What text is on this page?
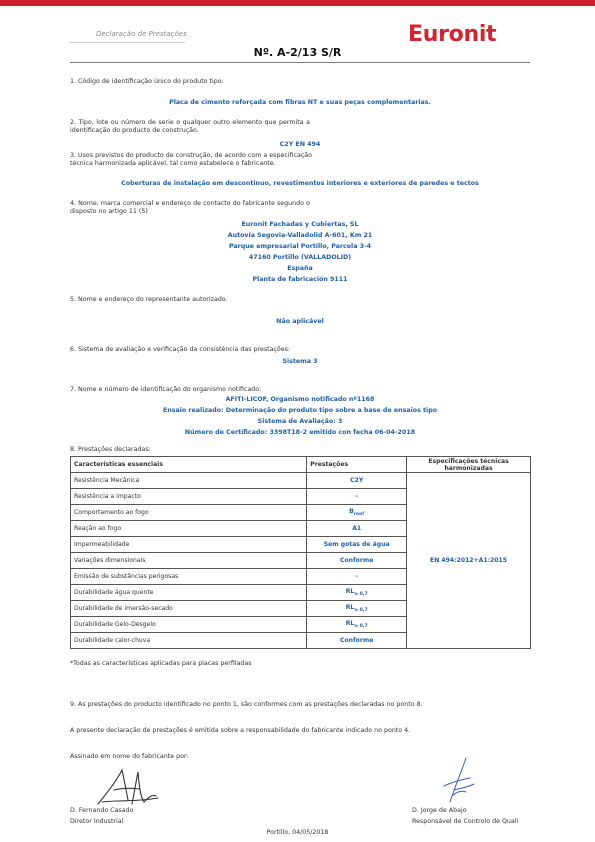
Declaração de Prestações	Euronit
Nº. A-2/13 S/R
1. Código de identificação único do produto tipo:
Placa de cimento reforçada com fibras NT e suas peças complementarias.
2. Tipo, lote ou número de serie o qualquer outro elemento que permita a identificação do producto de construção.
C2Y EN 494
3. Usos previstos do producto de construção, de acordo com a especificação técnica harmonizada aplicável, tal como estabelece o fabricante.
Coberturas de instalação em descontinuo, revestimentos interiores e exteriores de paredes e tectos
4. Nome, marca comercial e endereço de contacto do fabricante segundo o disposto no artigo 11 (5)
Euronit Fachadas y Cubiertas, SL
Autovía Segovia-Valladolid A-601, Km 21
Parque empresarial Portillo, Parcela 3-4
47160 Portillo (VALLADOLID)
España
Planta de fabricación 9111
5. Nome e endereço do representante autorizado.
Não aplicável
6. Sistema de avaliação e verificação da consistência das prestações:
Sistema 3
7. Nome e número de identificação do organismo notificado:
AFITI-LICOF, Organismo notificado nº1168
Ensaio realizado: Determinação do produto tipo sobre a base de ensaios tipo
Sistema de Avaliação: 3
Número de Certificado: 3398T18-2 emitido con fecha 06-04-2018
8. Prestações declaradas:
Características essenciais	Prestações	Especificações técnicas harmonizadas
Resistência Mecânica	C2Y	EN 494:2012+A1:2015
Resistência a impacto	-	
Comportamento ao fogo	$B_{roof}$
Reação ao fogo	A1	
Impermeabilidade	Sem gotas de água	
Variações dimensionais	Conforme	
Emissão de substâncias perigosas	-	
Durabilidade água quente	$RL_{\ge 0,7}$
Durabilidade de imersão-secado	$RL_{\ge 0,7}$
Durabilidade Gelo-Desgelo	$RL_{\ge 0,7}$
Durabilidade calor-chuva	Conforme	
*Todas as características aplicadas para placas perfiladas
9. As prestações do producto identificado no ponto 1, são conformes com as prestações declaradas no ponto 8.
A presente declaração de prestações é emitida sobre a responsabilidade do fabricante indicado no ponto 4.
Assinado em nome do fabricante por:
D. Fernando Casado
Diretor Industrial
D. Jorge de Abajo
Responsável de Controlo de Quali
Portillo, 04/05/2018
